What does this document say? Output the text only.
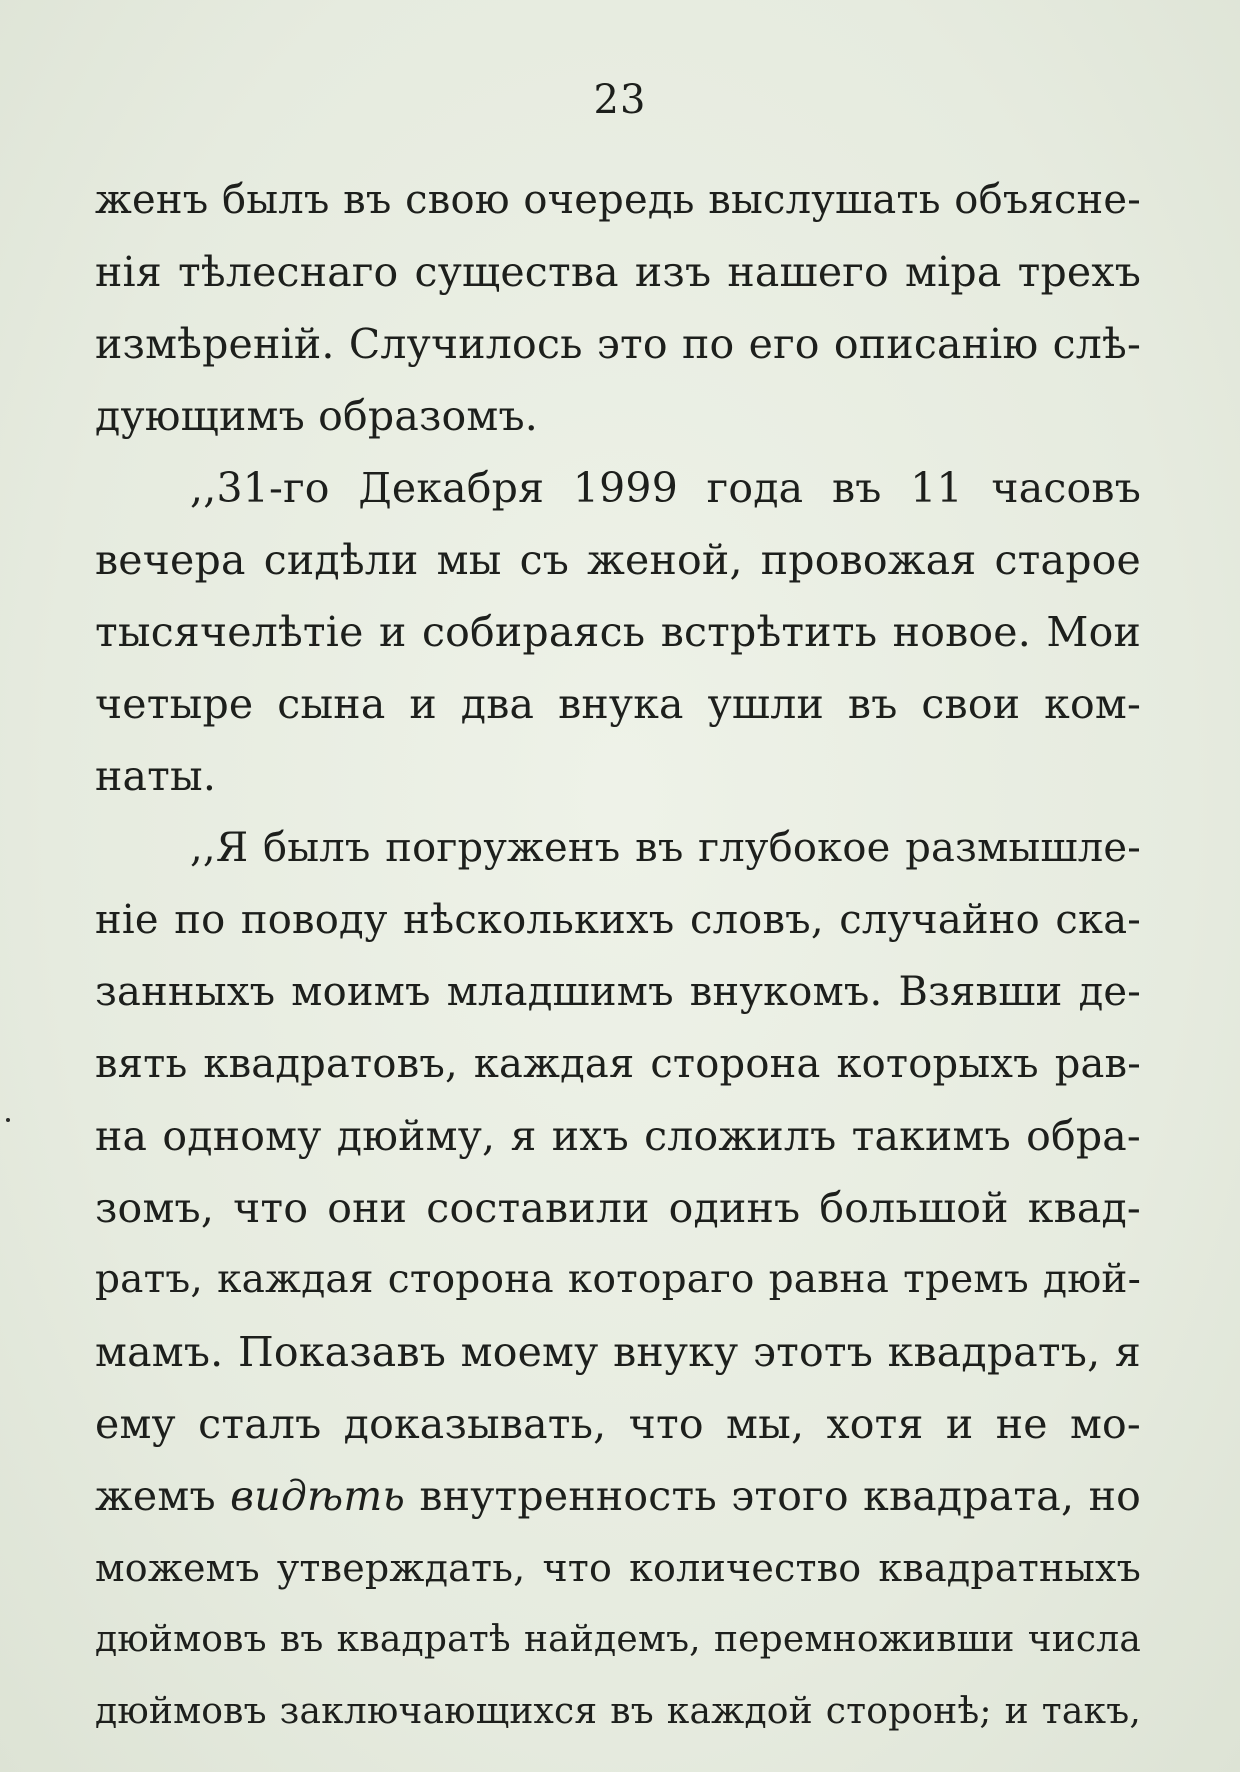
23
женъ былъ въ свою очередь выслушать объясне-
нія тѣлеснаго существа изъ нашего міра трехъ
измѣреній. Случилось это по его описанію слѣ-
дующимъ образомъ.
,,31-го Декабря 1999 года въ 11 часовъ
вечера сидѣли мы съ женой, провожая старое
тысячелѣтіе и собираясь встрѣтить новое. Мои
четыре сына и два внука ушли въ свои ком-
наты.
,,Я былъ погруженъ въ глубокое размышле-
ніе по поводу нѣсколькихъ словъ, случайно ска-
занныхъ моимъ младшимъ внукомъ. Взявши де-
вять квадратовъ, каждая сторона которыхъ рав-
на одному дюйму, я ихъ сложилъ такимъ обра-
зомъ, что они составили одинъ большой квад-
ратъ, каждая сторона котораго равна тремъ дюй-
мамъ. Показавъ моему внуку этотъ квадратъ, я
ему сталъ доказывать, что мы, хотя и не мо-
жемъ видѣть внутренность этого квадрата, но
можемъ утверждать, что количество квадратныхъ
дюймовъ въ квадратѣ найдемъ, перемноживши числа
дюймовъ заключающихся въ каждой сторонѣ; и такъ,
